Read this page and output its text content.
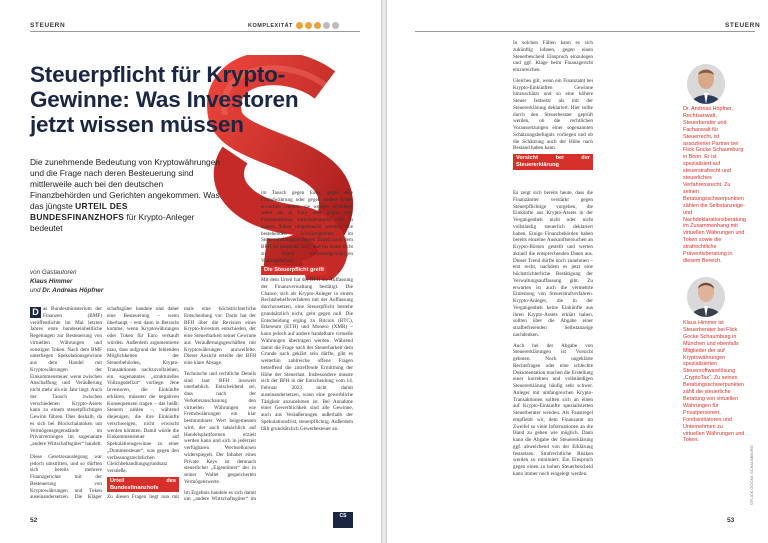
STEUERN	KOMPLEXITÄT
Steuerpflicht für Krypto-Gewinne: Was Investoren jetzt wissen müssen
Die zunehmende Bedeutung von Kryptowährungen und die Frage nach deren Besteuerung sind mittlerweile auch bei den deutschen Finanzbehörden und Gerichten angekommen. Was das jüngste URTEIL DES BUNDESFINANZHOFS für Krypto-Anleger bedeutet
von Gastautoren
Klaus Himmer
und Dr. Andreas Höpfner
D as Bundesministerium der Finanzen (BMF) veröffentlichte im Mai letzten Jahres erste bundeseinheitliche Regelungen zur Besteuerung von virtuellen Währungen und sonstigen Token. Nach dem BMF unterliegen Spekulationsgewinne aus dem Handel mit Kryptowährungen der Einkommensteuer, wenn zwischen Anschaffung und Veräußerung nicht mehr als ein Jahr liegt. Auch der Tausch zwischen verschiedenen Krypto-Assets kann zu einem steuerpflichtigen Gewinn führen. Dies deshalb, da es sich bei Blockchaintoken um Vermögensgegenstände im Privatvermögen im sogenannte „andere Wirtschaftsgüter“ handelt.

Diese Gesetzesauslegung war jedoch umstritten, und so dürften sich bereits mehrere Finanzgerichte mit der Besteuerung von Kryptowährungen und Token auseinandersetzen. Die Kläger

schaftsgüter handele und daher eine Besteuerung – wenn überhaupt – erst dann in Betracht komme, wenn Kryptowährungen oder Token für Euro verkauft würden. Außerdem argumentierte man, dass aufgrund der fehlenden Möglichkeiten der Steuerbehörden, Krypto-Transaktionen nachzuvollziehen, ein sogenanntes „strukturelles Vollzugsdefizit“ vorliege. Jene Investoren, die Einkünfte erklären, müssten die negativen Konsequenzen tragen – das heißt: Steuern zahlen –, während diejenigen, die ihre Einkünfte verschweigen, nicht erwischt werden könnten. Damit würde die Einkommensteuer auf Spekulationsgewinne zu einer „Dummensteuer“, was gegen den verfassungsrechtlichen Gleichbehandlungsgrundsatz verstieße.

Urteil des Bundesfinanzhofs

Zu diesen Fragen liegt nun mit

mals eine höchstrichterliche Entscheidung vor. Darin hat der BFH über die Revision eines Krypto-Investors entschieden, der eine Steuerbarkeit seiner Gewinne aus Veräußerungsgeschäften mit Kryptowährungen anzweifelte. Dieser Ansicht erteilte der BFH eine klare Absage.

Technische und rechtliche Details sind laut BFH insoweit unerheblich. Entscheidend sei, dass nach der Verkehrsanschauung den virtuellen Währungen wie Fremdwährungen ein klar bestimmbarer Wert beigemessen wird, der auch tatsächlich auf Handelsplattformen erzielt werden kann und sich in jederzeit verfügbaren Wechselkursen widerspiegelt. Der Inhaber eines Private Keys ist demnach steuerlicher „Eigentümer“ der in seiner Wallet gespeicherten Vermögenswerte.

Im Ergebnis handele es sich damit um „andere Wirtschaftsgüter“ im

im Tausch gegen Euro, gegen eine Fremdwährung oder gegen andere Token erworben werden; sie werden veräußert, wenn sie in Euro oder gegen eine Fremdwährung zurückgetauscht oder in andere Token umgetauscht werden. Die bestehenden Schwierigkeiten im Steuererhebungsverfahren führen nach dem BFH im Streitjahr 2017 und bis heute nicht zu einem verfassungswidrigen Vollzugsdefizit.

Die Steuerpflicht greift

Mit dem Urteil hat der BFH die Auffassung der Finanzverwaltung bestätigt. Die Chance, sich als Krypto-Anleger in einem Rechtsbehelfsverfahren mit der Auffassung durchzusetzen, eine Steuerpflicht bestehe grundsätzlich nicht, geht gegen null. Die Entscheidung erging zu Bitcoin (BTC), Ethereum (ETH) und Monero (XMR) – kann jedoch auf andere handelbare virtuelle Währungen übertragen werden. Während damit die Frage nach der Steuerbarkeit dem Grunde nach geklärt sein dürfte, gibt es weiterhin zahlreiche offene Fragen betreffend die zutreffende Ermittlung der Höhe der Steuerlast. Insbesondere musste sich der BFH in der Entscheidung vom 14. Februar 2023 nicht damit auseinandersetzen, wann eine gewerbliche Tätigkeit anzunehmen ist. Bei Annahme einer Gewerblichkeit sind alle Gewinne, auch aus Veräußerungen außerhalb der Spekulationsfrist, steuerpflichtig. Außerdem fällt grundsätzlich Gewerbesteuer an.

52
CS
STEUERN

In solchen Fällen kann es sich zukünftig lohnen, gegen einen Steuerbescheid Einspruch einzulegen und ggf. Klage beim Finanzgericht einzureichen.

Gleiches gilt, wenn ein Finanzamt bei Krypto-Einkünften Gewinne hinzuschätzt und so eine höhere Steuer festsetzt als mit der Steuererklärung deklariert. Hier sollte durch den Steuerberater geprüft werden, ob die rechtlichen Voraussetzungen einer sogenannten Schätzungsbefugnis vorliegen und ob die Schätzung auch der Höhe nach Bestand haben kann.

Vorsicht bei der Steuererklärung

Es zeigt sich bereits heute, dass die Finanzämter verstärkt gegen Steuerpflichtige vorgehen, die Einkünfte aus Krypto-Assets in der Vergangenheit nicht oder nicht vollständig steuerlich deklariert haben. Einige Finanzbehörden haben bereits einzelne Auskunftsersuchen an Krypto-Börsen gestellt und werten aktuell die entsprechenden Daten aus. Dieser Trend dürfte noch zunehmen – erst recht, nachdem es jetzt eine höchstrichterliche Bestätigung der Verwaltungsauffassung gibt. Zu erwarten ist auch die vermehrte Einleitung von Steuerstrafverfahren. Krypto-Anleger, die in der Vergangenheit keine Einkünfte aus ihren Krypto-Assets erklärt haben, sollten über die Abgabe einer strafbefreienden Selbstanzeige nachdenken.

Auch bei der Abgabe von Steuererklärungen ist Vorsicht geboten. Noch ungeklärte Rechtsfragen oder eine schlechte Dokumentation machen die Erstellung einer korrekten und vollständigen Steuererklärung häufig sehr schwer. Anleger mit umfangreichen Krypto-Transaktionen sollten sich an einen auf Krypto-Einkünfte spezialisierten Steuerberater wenden. Als Faustregel empfiehlt wir, dem Finanzamt im Zweifel so viele Informationen an die Hand zu geben wie möglich. Dann kann die Abgabe der Steuererklärung ggf. abweichend von der Erklärung festsetzen. Strafrechtliche Risiken werden so minimiert. Ein Einspruch gegen einen zu hohen Steuerbescheid kann immer noch eingelegt werden.

Dr. Andreas Höpfner, Rechtsanwalt, Steuerberater und Fachanwalt für Steuerrecht, ist assoziierter Partner bei Flick Gocke Schaumburg in Bonn. Er ist spezialisiert auf steuerstrafrecht und steuerliches Verfahrensrecht. Zu seinen Beratungsschwerpunkten zählen die Selbstanzeige- und Nachdeklarationsberatung im Zusammenhang mit virtuellen Währungen und Token sowie die strafrechtliche Präventivberatung in diesem Bereich.
Klaus Himmer ist Steuerberater bei Flick Gocke Schaumburg in München und ebenfalls Mitglieder der auf Kryptowährungen spezialisierten Steuersoftwarelösung „CryptoTax“. Zu seinen Beratungsschwerpunkten zählt die steuerliche Beratung von virtuellen Währungen für Privatpersonen, Fondsinitiatoren und Unternehmen zu virtuellen Währungen und Token.
©FLICK GOCKE SCHAUMBURG
53
